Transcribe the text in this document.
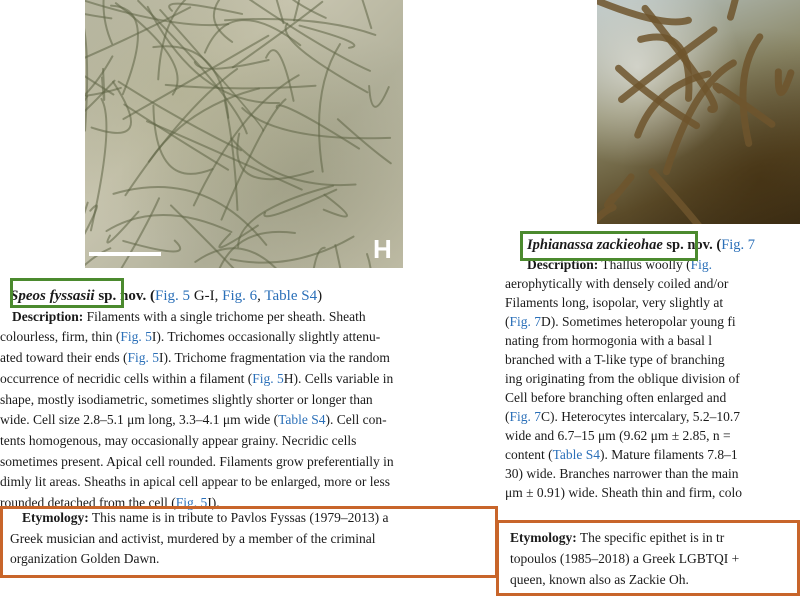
H
Speos fyssasii sp. nov. (Fig. 5 G-I, Fig. 6, Table S4)
Description: Filaments with a single trichome per sheath. Sheath
colourless, firm, thin (Fig. 5I). Trichomes occasionally slightly attenu-
ated toward their ends (Fig. 5I). Trichome fragmentation via the random
occurrence of necridic cells within a filament (Fig. 5H). Cells variable in
shape, mostly isodiametric, sometimes slightly shorter or longer than
wide. Cell size 2.8–5.1 μm long, 3.3–4.1 μm wide (Table S4). Cell con-
tents homogenous, may occasionally appear grainy. Necridic cells
sometimes present. Apical cell rounded. Filaments grow preferentially in
dimly lit areas. Sheaths in apical cell appear to be enlarged, more or less
rounded detached from the cell (Fig. 5I).
Etymology: This name is in tribute to Pavlos Fyssas (1979–2013) a
Greek musician and activist, murdered by a member of the criminal
organization Golden Dawn.
Iphianassa zackieohae sp. nov. (Fig. 7
Description: Thallus woolly (Fig.
aerophytically with densely coiled and/or
Filaments long, isopolar, very slightly at
(Fig. 7D). Sometimes heteropolar young fi
nating from hormogonia with a basal l
branched with a T-like type of branching
ing originating from the oblique division of
Cell before branching often enlarged and
(Fig. 7C). Heterocytes intercalary, 5.2–10.7
wide and 6.7–15 μm (9.62 μm ± 2.85, n =
content (Table S4). Mature filaments 7.8–1
30) wide. Branches narrower than the main
μm ± 0.91) wide. Sheath thin and firm, colo
Etymology: The specific epithet is in tr
topoulos (1985–2018) a Greek LGBTQI +
queen, known also as Zackie Oh.
